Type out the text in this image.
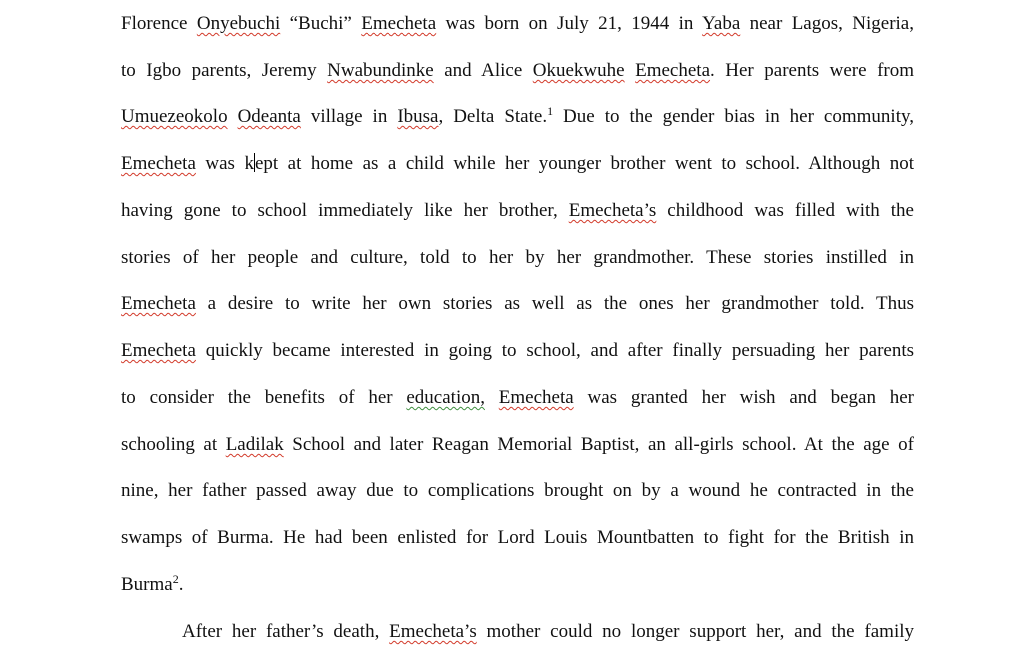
Florence Onyebuchi “Buchi” Emecheta was born on July 21, 1944 in Yaba near Lagos, Nigeria,
to Igbo parents, Jeremy Nwabundinke and Alice Okuekwuhe Emecheta. Her parents were from
Umuezeokolo Odeanta village in Ibusa, Delta State.$^1$ Due to the gender bias in her community,
Emecheta was kept at home as a child while her younger brother went to school. Although not
having gone to school immediately like her brother, Emecheta’s childhood was filled with the
stories of her people and culture, told to her by her grandmother. These stories instilled in
Emecheta a desire to write her own stories as well as the ones her grandmother told. Thus
Emecheta quickly became interested in going to school, and after finally persuading her parents
to consider the benefits of her education, Emecheta was granted her wish and began her
schooling at Ladilak School and later Reagan Memorial Baptist, an all-girls school. At the age of
nine, her father passed away due to complications brought on by a wound he contracted in the
swamps of Burma. He had been enlisted for Lord Louis Mountbatten to fight for the British in
Burma$^2$.
After her father’s death, Emecheta’s mother could no longer support her, and the family
